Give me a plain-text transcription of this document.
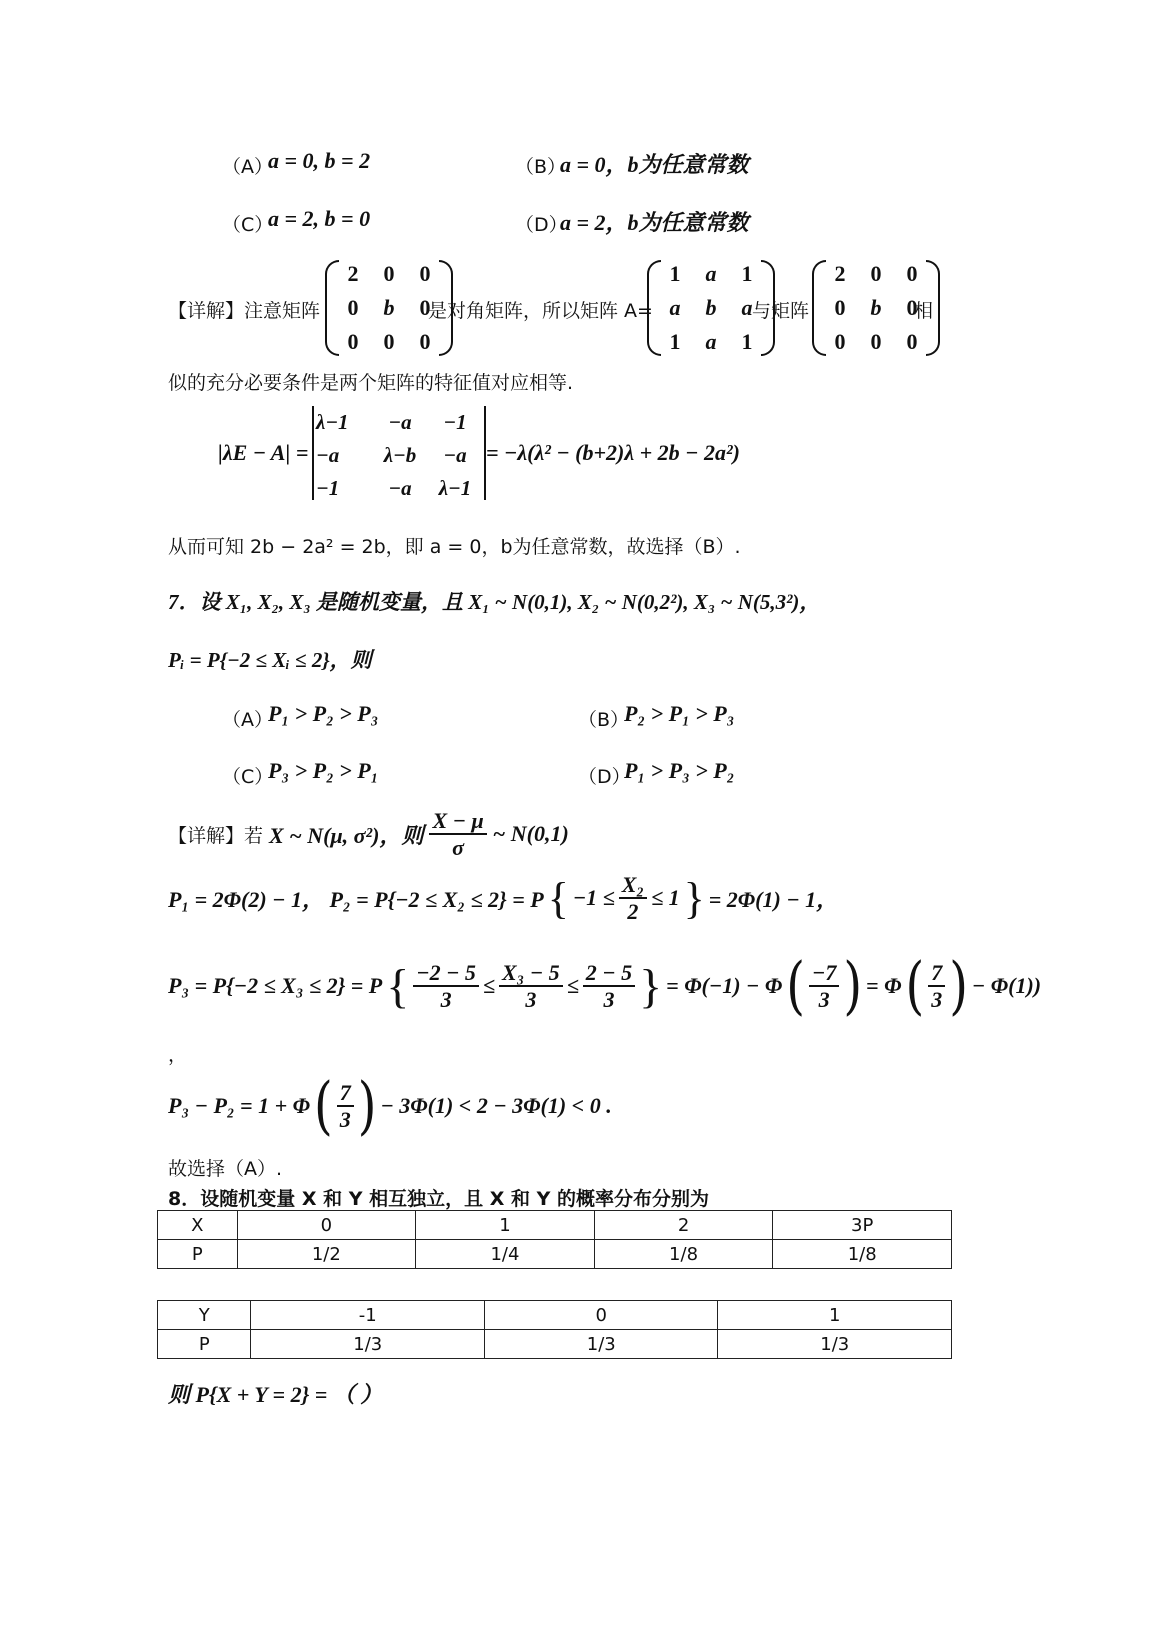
（A）
a = 0, b = 2	（B）
a = 0，b为任意常数
（C）
a = 2, b = 0	（D）
a = 2，b为任意常数
【详解】注意矩阵
2 0 0
0 b 0
0 0 0
是对角矩阵，所以矩阵 A=
1 a 1
a b a
1 a 1
与矩阵
2 0 0
0 b 0
0 0 0
相
似的充分必要条件是两个矩阵的特征值对应相等.
|λE − A| =
λ−1	−a	−1
−a	λ−b	−a
−1	−a	λ−1
= −λ(λ² − (b+2)λ + 2b − 2a²)
从而可知 2b − 2a² = 2b，即 a = 0，b为任意常数，故选择（B）.
7．设 X₁, X₂, X₃ 是随机变量，且 X₁ ~ N(0,1), X₂ ~ N(0,2²), X₃ ~ N(5,3²)，
Pᵢ = P{−2 ≤ Xᵢ ≤ 2}，则
（A）
P₁ > P₂ > P₃	（B）
P₂ > P₁ > P₃
（C）
P₃ > P₂ > P₁	（D）
P₁ > P₃ > P₂
【详解】若 X ~ N(μ, σ²)，则 $\frac{X - \mu}{\sigma}$ ~ N(0,1)
P₁ = 2Φ(2) − 1， P₂ = P{−2 ≤ X₂ ≤ 2} = P { $-1 \le \frac{\text{X₂}}{2} \le 1$ } = 2Φ(1) − 1，
P₃ = P{−2 ≤ X₃ ≤ 2} = P { $\frac{-2 - 5}{3} \le \frac{\text{X₃ − 5}}{3} \le \frac{2 - 5}{3}$ } = Φ(−1) − Φ ( $\frac{-7}{3}$ ) = Φ ( $\frac{7}{3}$ ) − Φ(1))
，
P₃ − P₂ = 1 + Φ ( $\frac{7}{3}$ ) − 3Φ(1) < 2 − 3Φ(1) < 0 .
故选择（A）.
8．设随机变量 X 和 Y 相互独立，且 X 和 Y 的概率分布分别为
X	0	1	2	3P
P	1/2	1/4	1/8	1/8
Y	-1	0	1
P	1/3	1/3	1/3
则 P{X + Y = 2} = （ ）
